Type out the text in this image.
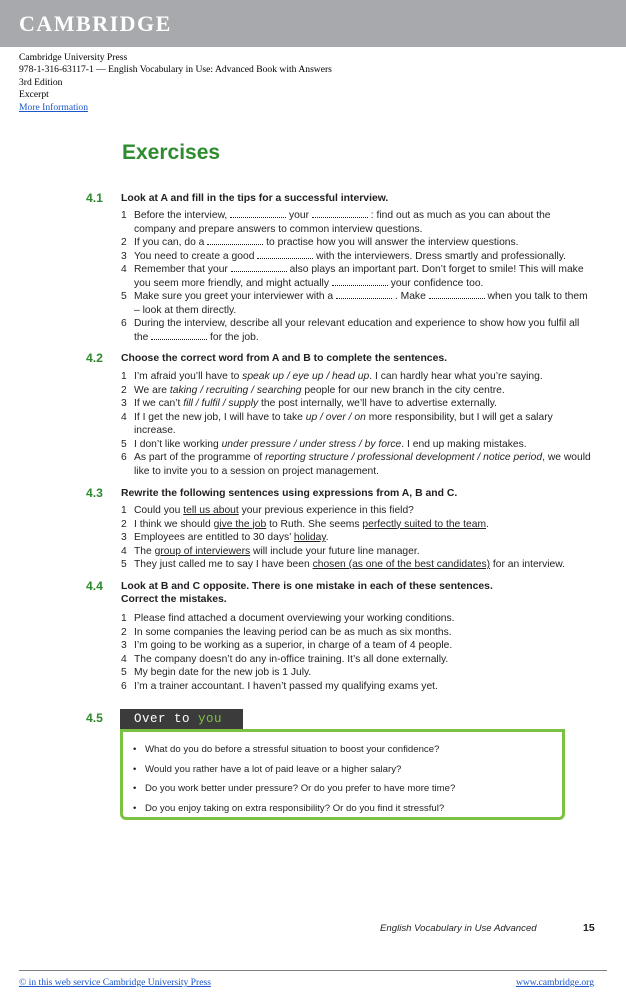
CAMBRIDGE
Cambridge University Press
978-1-316-63117-1 — English Vocabulary in Use: Advanced Book with Answers
3rd Edition
Excerpt
More Information
Exercises
4.1 Look at A and fill in the tips for a successful interview.
1 Before the interview,	your	: find out as much as you can about the company and prepare answers to common interview questions.
2 If you can, do a	to practise how you will answer the interview questions.
3 You need to create a good	with the interviewers. Dress smartly and professionally.
4 Remember that your	also plays an important part. Don’t forget to smile! This will make you seem more friendly, and might actually	your confidence too.
5 Make sure you greet your interviewer with a	. Make	when you talk to them – look at them directly.
6 During the interview, describe all your relevant education and experience to show how you fulfil all the	for the job.
4.2 Choose the correct word from A and B to complete the sentences.
1 I’m afraid you’ll have to speak up / eye up / head up. I can hardly hear what you’re saying.
2 We are taking / recruiting / searching people for our new branch in the city centre.
3 If we can’t fill / fulfil / supply the post internally, we’ll have to advertise externally.
4 If I get the new job, I will have to take up / over / on more responsibility, but I will get a salary increase.
5 I don’t like working under pressure / under stress / by force. I end up making mistakes.
6 As part of the programme of reporting structure / professional development / notice period, we would like to invite you to a session on project management.
4.3 Rewrite the following sentences using expressions from A, B and C.
1 Could you tell us about your previous experience in this field?
2 I think we should give the job to Ruth. She seems perfectly suited to the team.
3 Employees are entitled to 30 days’ holiday.
4 The group of interviewers will include your future line manager.
5 They just called me to say I have been chosen (as one of the best candidates) for an interview.
4.4 Look at B and C opposite. There is one mistake in each of these sentences. Correct the mistakes.
1 Please find attached a document overviewing your working conditions.
2 In some companies the leaving period can be as much as six months.
3 I’m going to be working as a superior, in charge of a team of 4 people.
4 The company doesn’t do any in-office training. It’s all done externally.
5 My begin date for the new job is 1 July.
6 I’m a trainer accountant. I haven’t passed my qualifying exams yet.
4.5	Over to you
• What do you do before a stressful situation to boost your confidence?
• Would you rather have a lot of paid leave or a higher salary?
• Do you work better under pressure? Or do you prefer to have more time?
• Do you enjoy taking on extra responsibility? Or do you find it stressful?
English Vocabulary in Use Advanced	15
© in this web service Cambridge University Press	www.cambridge.org
